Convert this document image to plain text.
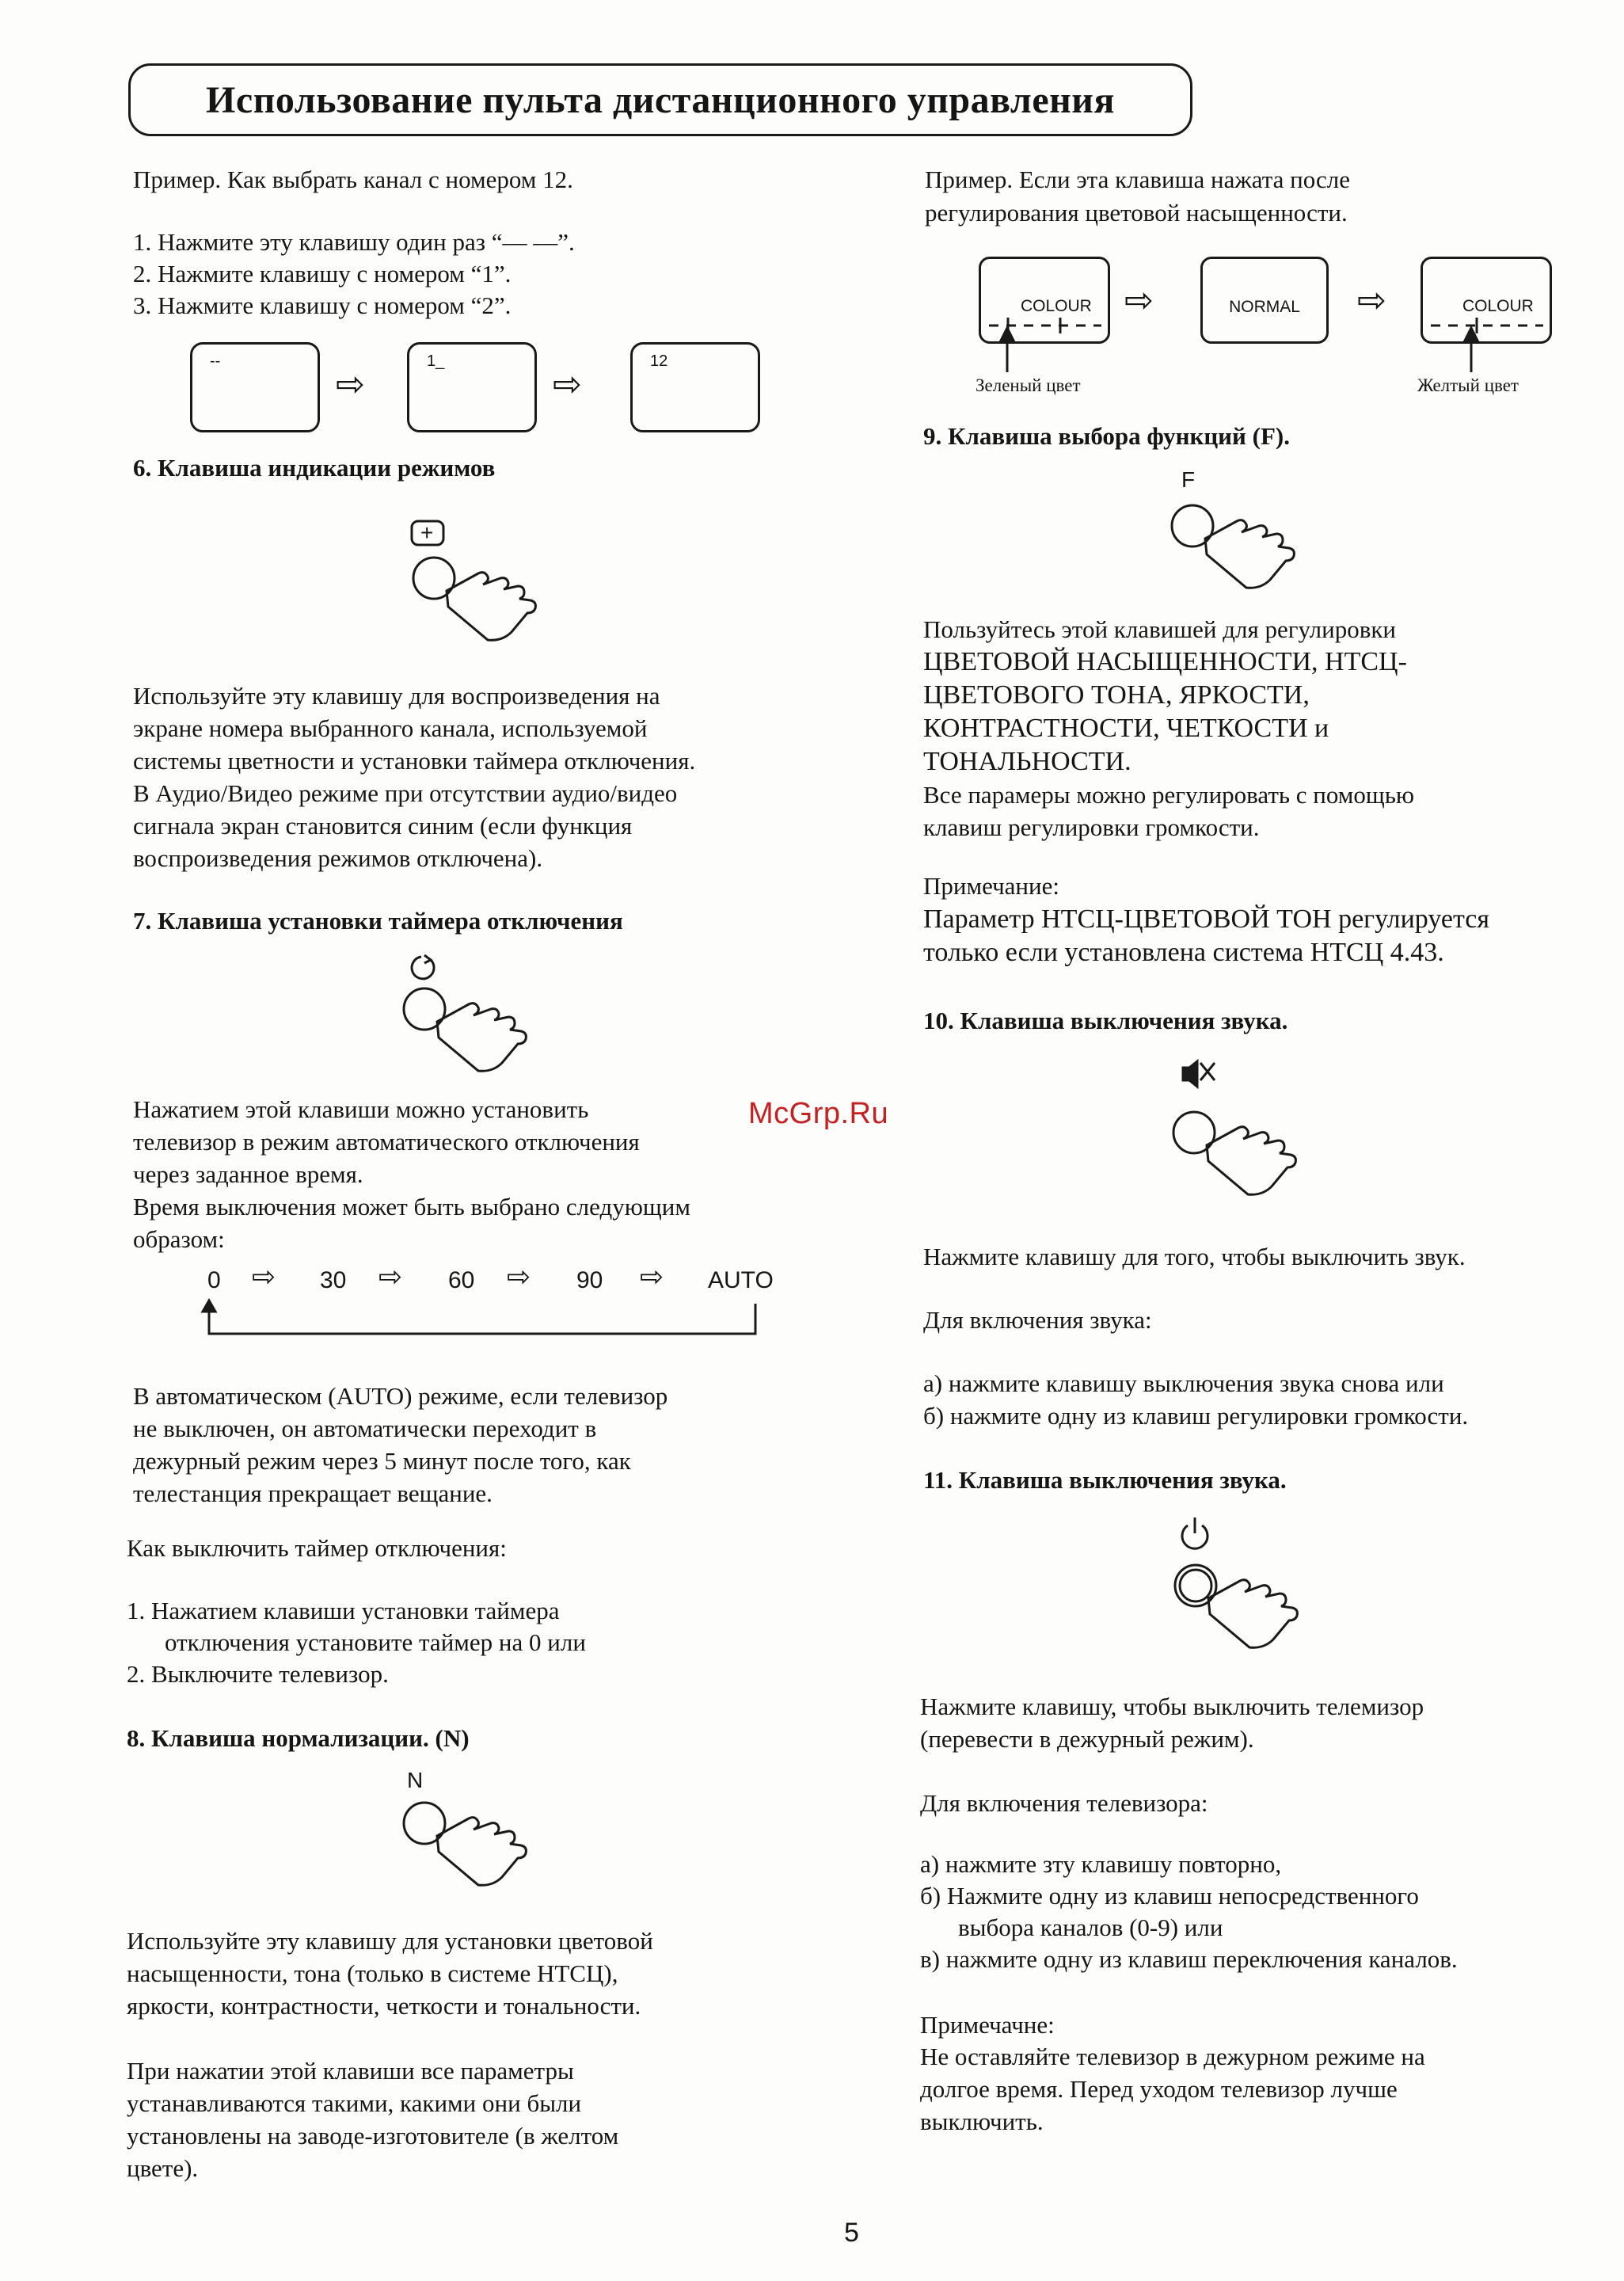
Использование пульта дистанционного управления

Пример. Как выбрать канал с номером 12.

1. Нажмите эту клавишу один раз “— —”.

2. Нажмите клавишу с номером “1”.

3. Нажмите клавишу с номером “2”.

--
⇨
1_
⇨
12

6. Клавиша индикации режимов

+

Используйте эту клавишу для воспроизведения на

экране номера выбранного канала, используемой

системы цветности и установки таймера отключения.

В Аудио/Видео режиме при отсутствии аудио/видео

сигнала экран становится синим (если функция

воспроизведения режимов отключена).

7. Клавиша установки таймера отключения

Нажатием этой клавиши можно установить

телевизор в режим автоматического отключения

через заданное время.

Время выключения может быть выбрано следующим

образом:

0 ⇨ 30 ⇨ 60 ⇨ 90 ⇨ AUTO

В автоматическом (AUTO) режиме, если телевизор

не выключен, он автоматически переходит в

дежурный режим через 5 минут после того, как

телестанция прекращает вещание.

Как выключить таймер отключения:

1. Нажатием клавиши установки таймера

отключения установите таймер на 0 или

2. Выключите телевизор.

8. Клавиша нормализации. (N)

N

Используйте эту клавишу для установки цветовой

насыщенности, тона (только в системе НТСЦ),

яркости, контрастности, четкости и тональности.

При нажатии этой клавиши все параметры

устанавливаются такими, какими они были

установлены на заводе-изготовителе (в желтом

цвете).

Пример. Если эта клавиша нажата после

регулирования цветовой насыщенности.

COLOUR ⇨	NORMAL ⇨	COLOUR
Зеленый цвет	Желтый цвет

9. Клавиша выбора функций (F).

F

Пользуйтесь этой клавишей для регулировки

ЦВЕТОВОЙ НАСЫЩЕННОСТИ, НТСЦ-

ЦВЕТОВОГО ТОНА, ЯРКОСТИ,

КОНТРАСТНОСТИ, ЧЕТКОСТИ и

ТОНАЛЬНОСТИ.

Все парамеры можно регулировать с помощью

клавиш регулировки громкости.

Примечание:

Параметр НТСЦ-ЦВЕТОВОЙ ТОН регулируется

только если установлена система НТСЦ 4.43.

10. Клавиша выключения звука.

Нажмите клавишу для того, чтобы выключить звук.

Для включения звука:

а) нажмите клавишу выключения звука снова или

б) нажмите одну из клавиш регулировки громкости.

11. Клавиша выключения звука.

Нажмите клавишу, чтобы выключить телемизор

(перевести в дежурный режим).

Для включения телевизора:

а) нажмите зту клавишу повторно,

б) Нажмите одну из клавиш непосредственного

выбора каналов (0-9) или

в) нажмите одну из клавиш переключения каналов.

Примечачне:

Не оставляйте телевизор в дежурном режиме на

долгое время. Перед уходом телевизор лучше

выключить.

McGrp.Ru
5
